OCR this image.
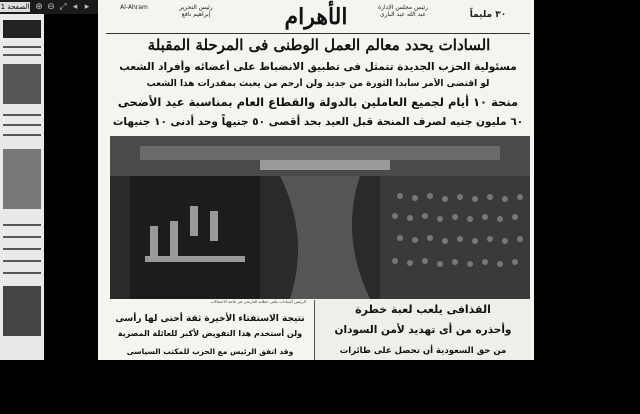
الصفحة 1 ⊕ ⊖ ⤢ ◂ ▸	Al-Ahram	رئيس التحرير
إبراهيم نافع	الأهرام	رئيس مجلس الإدارة
عبد الله عبد البارى	٣٠ مليماً
السادات يحدد معالم العمل الوطنى فى المرحلة المقبلة
مسئولية الحزب الجديدة تتمثل فى تطبيق الانضباط على أعضائه وأفراد الشعب
لو اقتضى الأمر سأبدأ الثورة من جديد ولن أرحم من يعبث بمقدرات هذا الشعب
منحة ١٠ أيام لجميع العاملين بالدولة والقطاع العام بمناسبة عيد الأضحى
٦٠ مليون جنيه لصرف المنحة قبل العيد بحد أقصى ٥٠ جنيهاً وحد أدنى ١٠ جنيهات
الرئيس السادات يلقى خطابه التاريخى فى قاعة الاحتفالات
نتيجة الاستفتاء الأخيرة ثقة أحنى لها رأسى
ولن أستخدم هذا التفويض لأكبر للعائلة المصرية
وقد اتفق الرئيس مع الحزب للمكتب السياسى
القذافى يلعب لعبة خطرة
وأحذره من أى تهديد لأمن السودان
من حق السعودية أن تحصل على طائرات
